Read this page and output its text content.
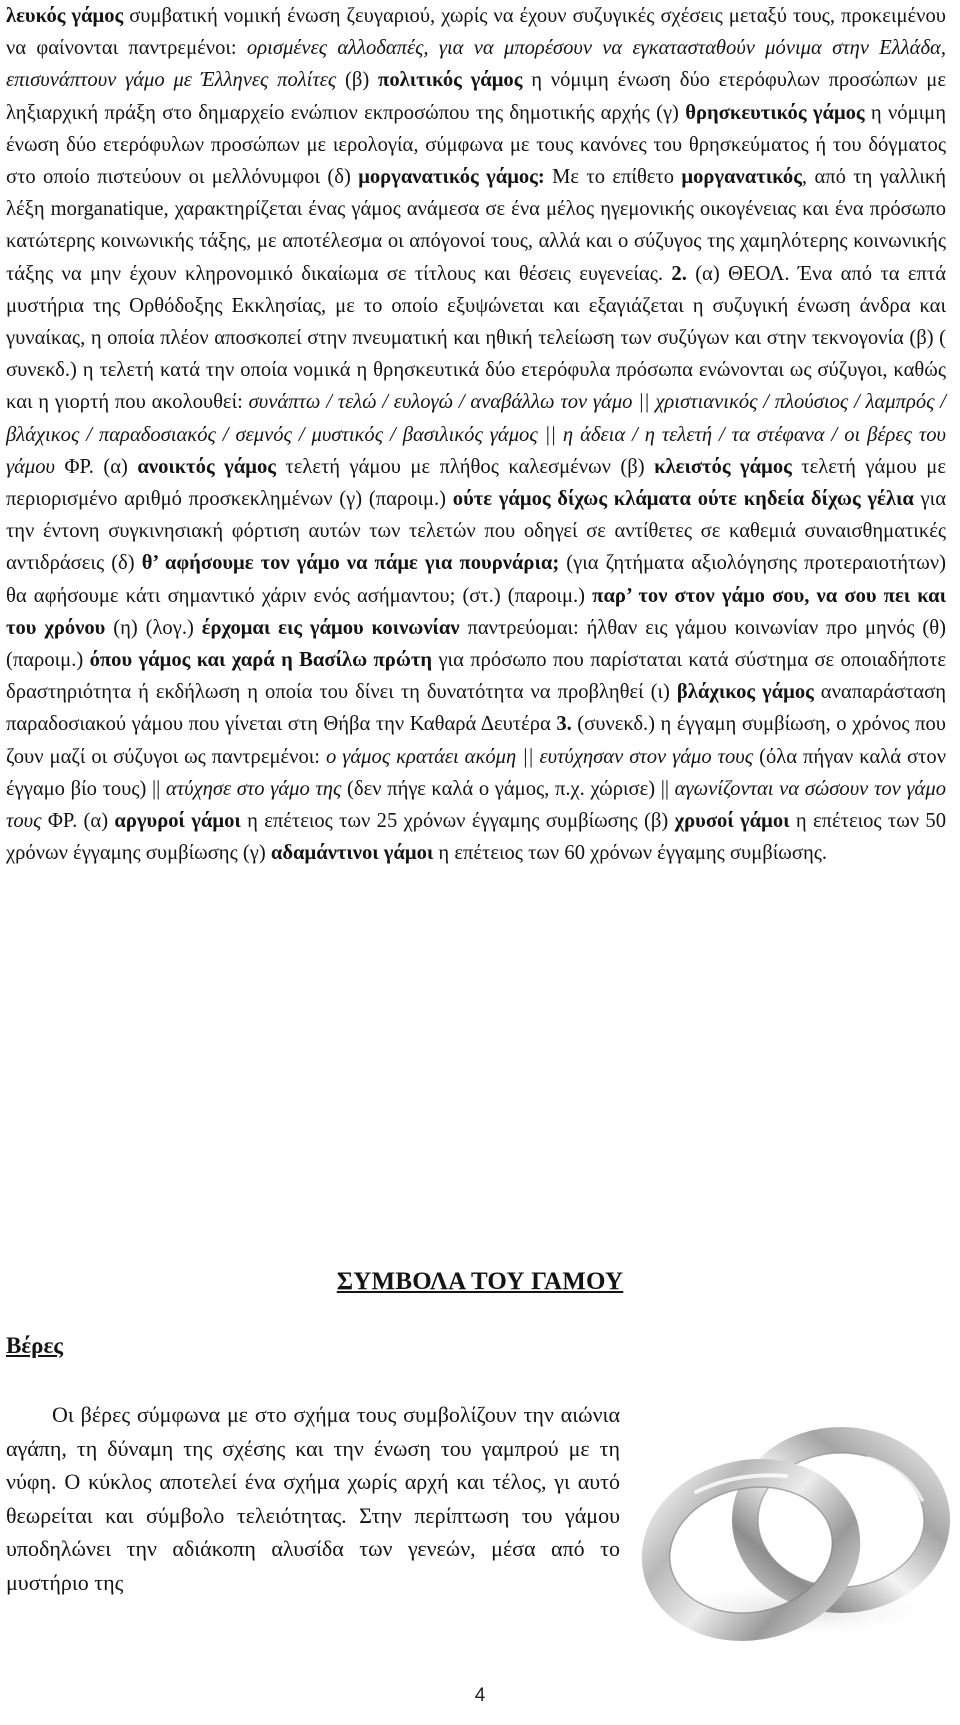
λευκός γάμος συμβατική νομική ένωση ζευγαριού, χωρίς να έχουν συζυγικές σχέσεις μεταξύ τους, προκειμένου να φαίνονται παντρεμένοι: ορισμένες αλλοδαπές, για να μπορέσουν να εγκατασταθούν μόνιμα στην Ελλάδα, επισυνάπτουν γάμο με Έλληνες πολίτες (β) πολιτικός γάμος η νόμιμη ένωση δύο ετερόφυλων προσώπων με ληξιαρχική πράξη στο δημαρχείο ενώπιον εκπροσώπου της δημοτικής αρχής (γ) θρησκευτικός γάμος η νόμιμη ένωση δύο ετερόφυλων προσώπων με ιερολογία, σύμφωνα με τους κανόνες του θρησκεύματος ή του δόγματος στο οποίο πιστεύουν οι μελλόνυμφοι (δ) μοργανατικός γάμος: Με το επίθετο μοργανατικός, από τη γαλλική λέξη morganatique, χαρακτηρίζεται ένας γάμος ανάμεσα σε ένα μέλος ηγεμονικής οικογένειας και ένα πρόσωπο κατώτερης κοινωνικής τάξης, με αποτέλεσμα οι απόγονοί τους, αλλά και ο σύζυγος της χαμηλότερης κοινωνικής τάξης να μην έχουν κληρονομικό δικαίωμα σε τίτλους και θέσεις ευγενείας. 2. (α) ΘΕΟΛ. Ένα από τα επτά μυστήρια της Ορθόδοξης Εκκλησίας, με το οποίο εξυψώνεται και εξαγιάζεται η συζυγική ένωση άνδρα και γυναίκας, η οποία πλέον αποσκοπεί στην πνευματική και ηθική τελείωση των συζύγων και στην τεκνογονία (β) ( συνεκδ.) η τελετή κατά την οποία νομικά η θρησκευτικά δύο ετερόφυλα πρόσωπα ενώνονται ως σύζυγοι, καθώς και η γιορτή που ακολουθεί: συνάπτω / τελώ / ευλογώ / αναβάλλω τον γάμο || χριστιανικός / πλούσιος / λαμπρός / βλάχικος / παραδοσιακός / σεμνός / μυστικός / βασιλικός γάμος || η άδεια / η τελετή / τα στέφανα / οι βέρες του γάμου ΦΡ. (α) ανοικτός γάμος τελετή γάμου με πλήθος καλεσμένων (β) κλειστός γάμος τελετή γάμου με περιορισμένο αριθμό προσκεκλημένων (γ) (παροιμ.) ούτε γάμος δίχως κλάματα ούτε κηδεία δίχως γέλια για την έντονη συγκινησιακή φόρτιση αυτών των τελετών που οδηγεί σε αντίθετες σε καθεμιά συναισθηματικές αντιδράσεις (δ) θ’ αφήσουμε τον γάμο να πάμε για πουρνάρια; (για ζητήματα αξιολόγησης προτεραιοτήτων) θα αφήσουμε κάτι σημαντικό χάριν ενός ασήμαντου; (στ.) (παροιμ.) παρ’ τον στον γάμο σου, να σου πει και του χρόνου (η) (λογ.) έρχομαι εις γάμου κοινωνίαν παντρεύομαι: ήλθαν εις γάμου κοινωνίαν προ μηνός (θ) (παροιμ.) όπου γάμος και χαρά η Βασίλω πρώτη για πρόσωπο που παρίσταται κατά σύστημα σε οποιαδήποτε δραστηριότητα ή εκδήλωση η οποία του δίνει τη δυνατότητα να προβληθεί (ι) βλάχικος γάμος αναπαράσταση παραδοσιακού γάμου που γίνεται στη Θήβα την Καθαρά Δευτέρα 3. (συνεκδ.) η έγγαμη συμβίωση, ο χρόνος που ζουν μαζί οι σύζυγοι ως παντρεμένοι: ο γάμος κρατάει ακόμη || ευτύχησαν στον γάμο τους (όλα πήγαν καλά στον έγγαμο βίο τους) || ατύχησε στο γάμο της (δεν πήγε καλά ο γάμος, π.χ. χώρισε) || αγωνίζονται να σώσουν τον γάμο τους ΦΡ. (α) αργυροί γάμοι η επέτειος των 25 χρόνων έγγαμης συμβίωσης (β) χρυσοί γάμοι η επέτειος των 50 χρόνων έγγαμης συμβίωσης (γ) αδαμάντινοι γάμοι η επέτειος των 60 χρόνων έγγαμης συμβίωσης.
ΣΥΜΒΟΛΑ ΤΟΥ ΓΑΜΟΥ
Βέρες

Οι βέρες σύμφωνα με στο σχήμα τους συμβολίζουν την αιώνια αγάπη, τη δύναμη της σχέσης και την ένωση του γαμπρού με τη νύφη. Ο κύκλος αποτελεί ένα σχήμα χωρίς αρχή και τέλος, γι αυτό θεωρείται και σύμβολο τελειότητας. Στην περίπτωση του γάμου υποδηλώνει την αδιάκοπη αλυσίδα των γενεών, μέσα από το μυστήριο της

4
